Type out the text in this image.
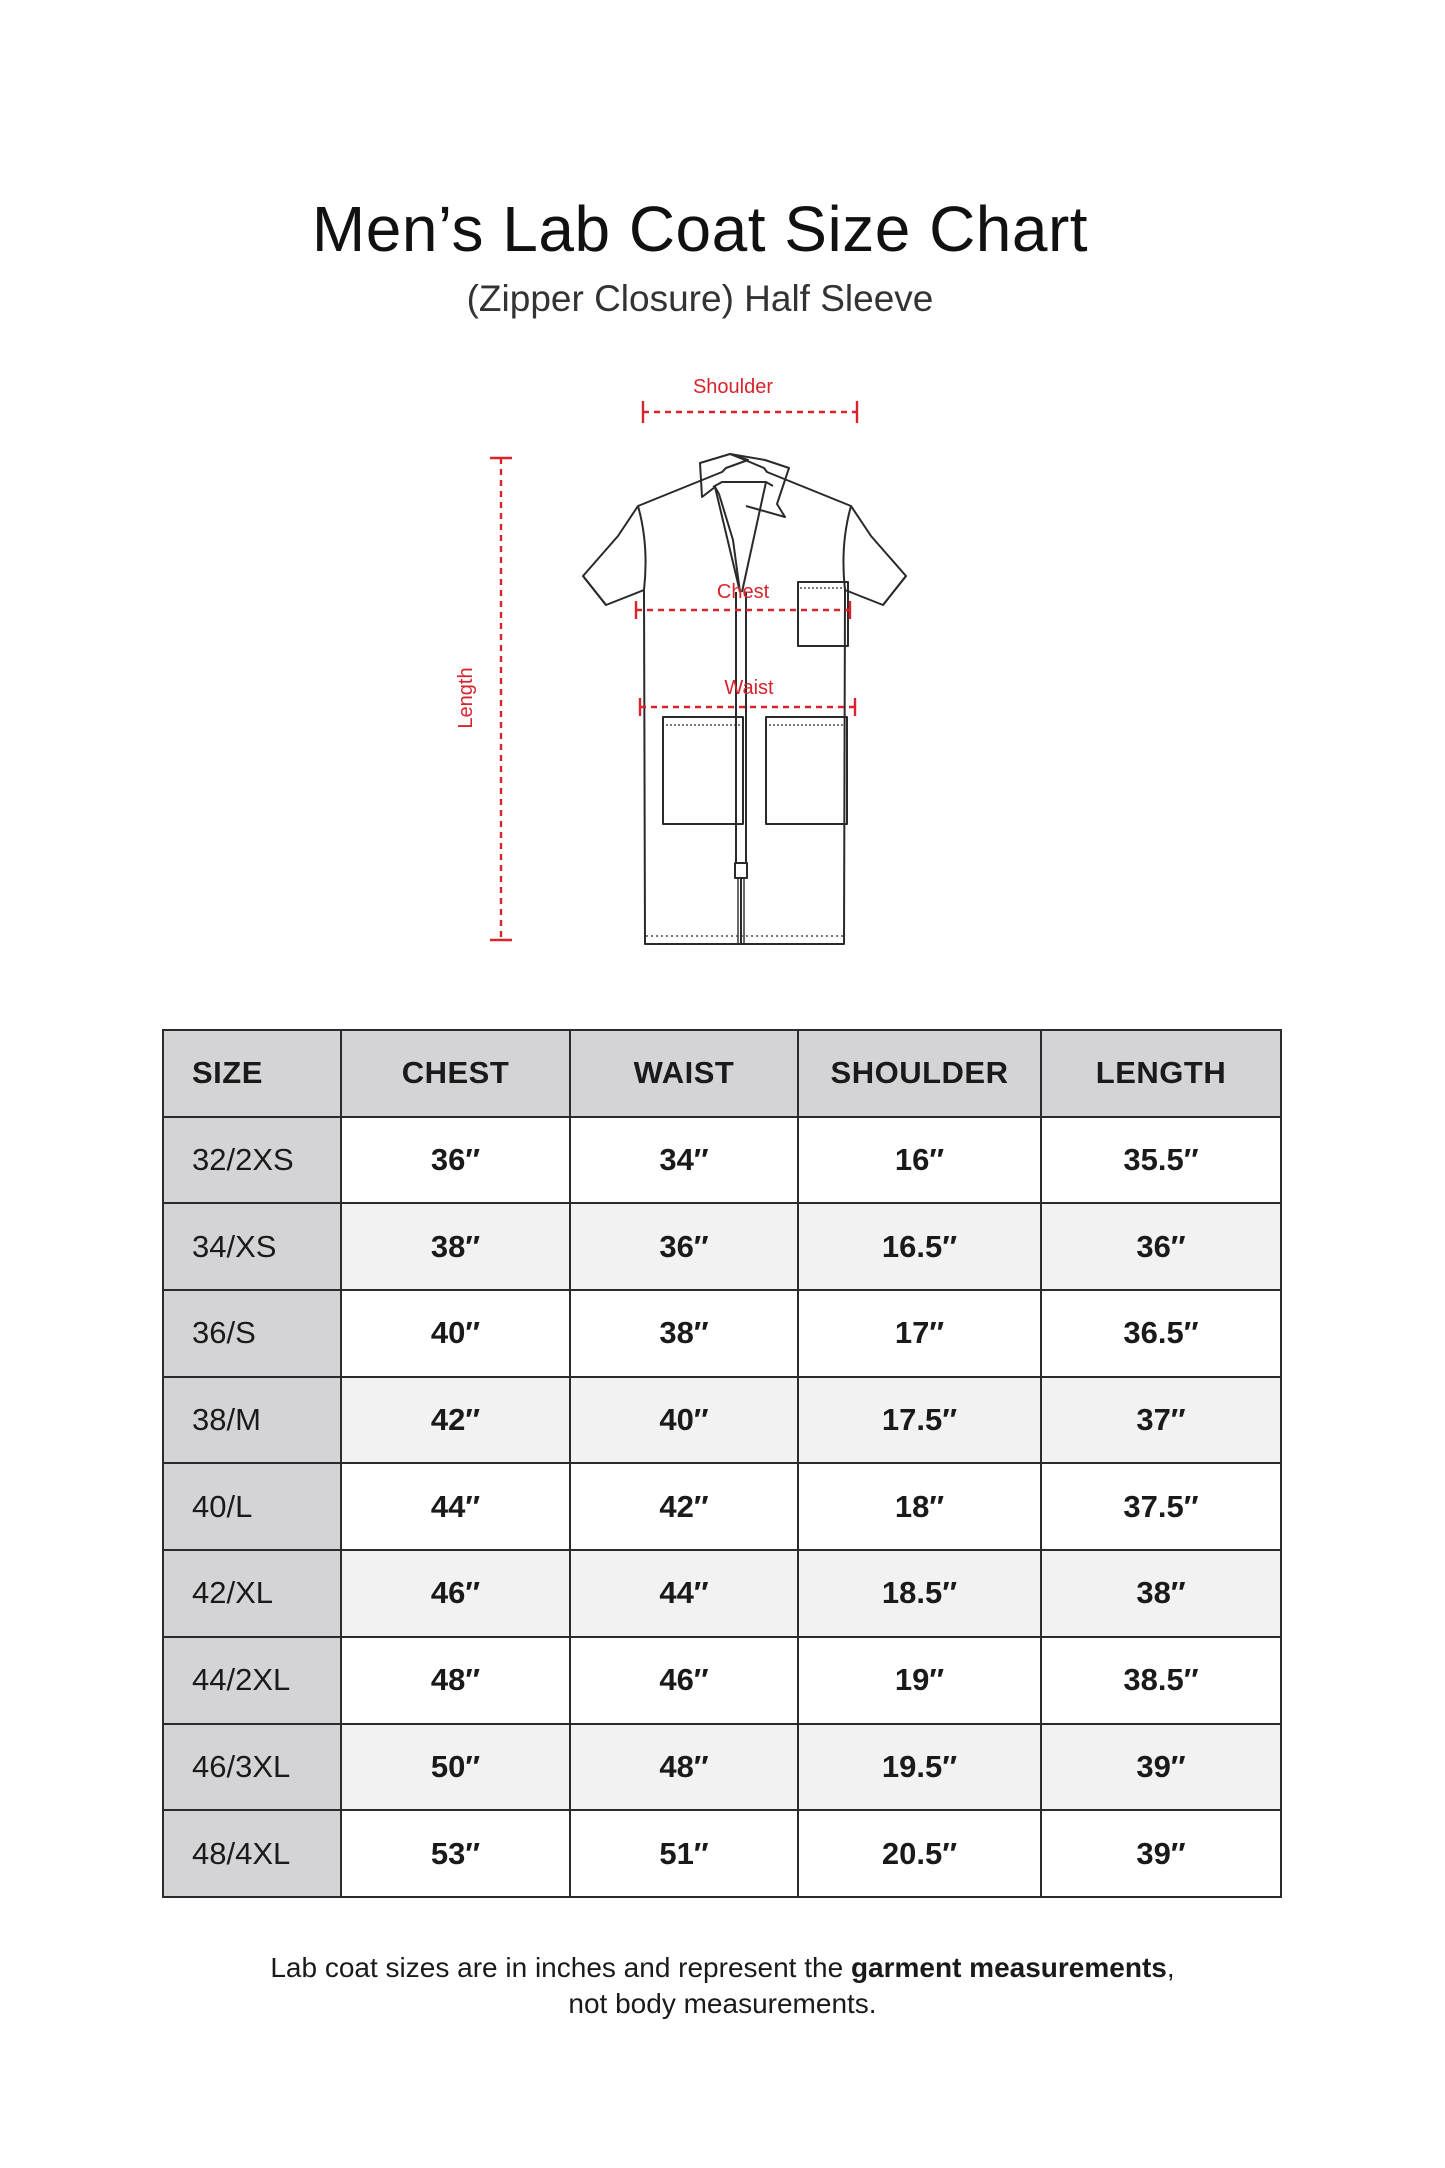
Men’s Lab Coat Size Chart
(Zipper Closure) Half Sleeve
Shoulder
Chest
Waist
Length
SIZE	CHEST	WAIST	SHOULDER	LENGTH
32/2XS	36″	34″	16″	35.5″
34/XS	38″	36″	16.5″	36″
36/S	40″	38″	17″	36.5″
38/M	42″	40″	17.5″	37″
40/L	44″	42″	18″	37.5″
42/XL	46″	44″	18.5″	38″
44/2XL	48″	46″	19″	38.5″
46/3XL	50″	48″	19.5″	39″
48/4XL	53″	51″	20.5″	39″
Lab coat sizes are in inches and represent the garment measurements,
not body measurements.
